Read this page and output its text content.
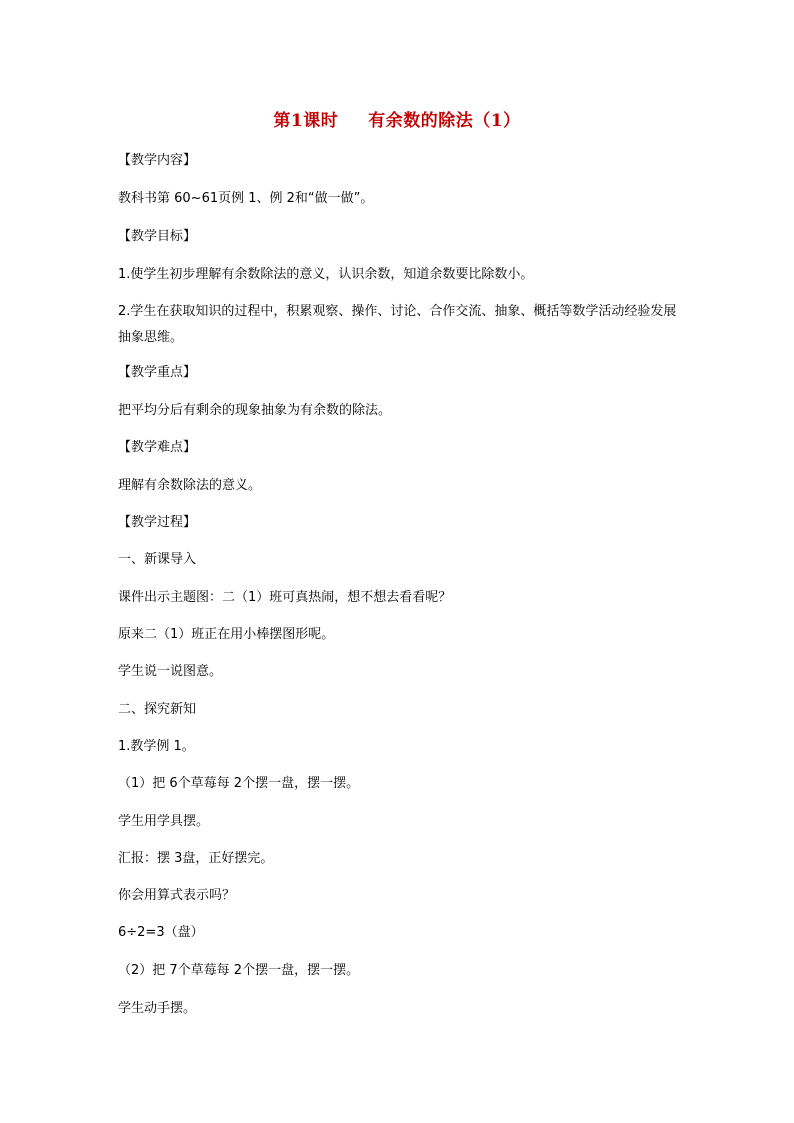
第1课时 有余数的除法（1）
【教学内容】
教科书第 60~61页例 1、例 2和“做一做”。
【教学目标】
1.使学生初步理解有余数除法的意义，认识余数，知道余数要比除数小。
2.学生在获取知识的过程中，积累观察、操作、讨论、合作交流、抽象、概括等数学活动经验发展抽象思维。
【教学重点】
把平均分后有剩余的现象抽象为有余数的除法。
【教学难点】
理解有余数除法的意义。
【教学过程】
一、新课导入
课件出示主题图：二（1）班可真热闹，想不想去看看呢？
原来二（1）班正在用小棒摆图形呢。
学生说一说图意。
二、探究新知
1.教学例 1。
（1）把 6个草莓每 2个摆一盘，摆一摆。
学生用学具摆。
汇报：摆 3盘，正好摆完。
你会用算式表示吗？
6÷2=3（盘）
（2）把 7个草莓每 2个摆一盘，摆一摆。
学生动手摆。
